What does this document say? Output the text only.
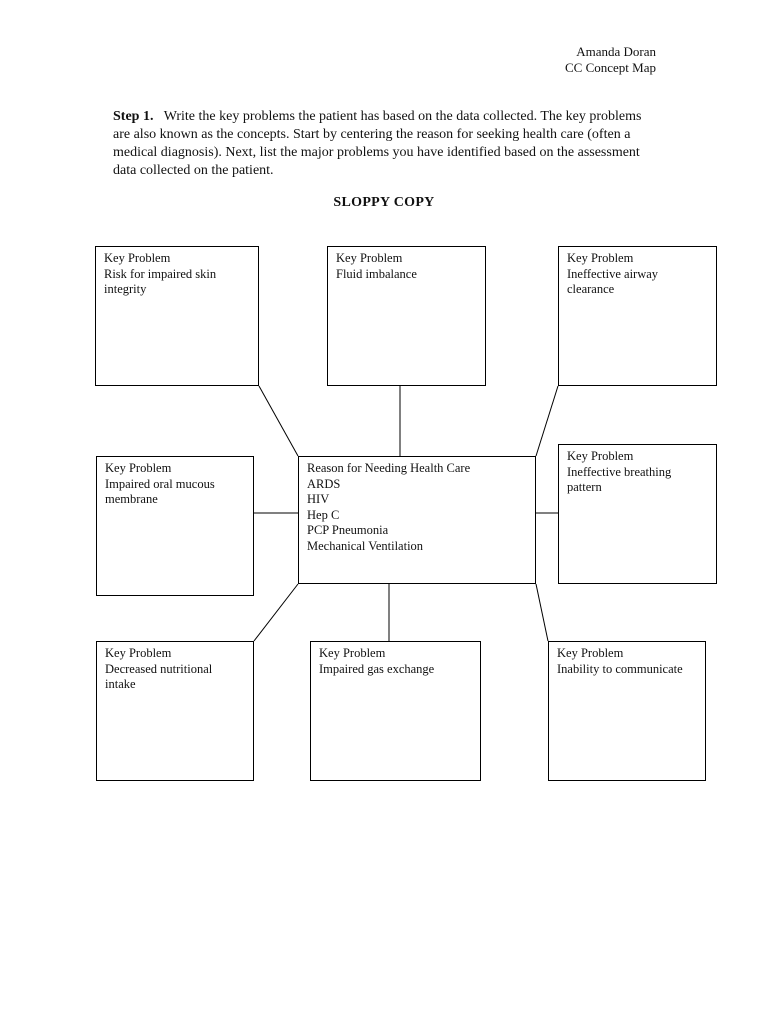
Amanda Doran
CC Concept Map
Step 1. Write the key problems the patient has based on the data collected. The key problems are also known as the concepts. Start by centering the reason for seeking health care (often a medical diagnosis). Next, list the major problems you have identified based on the assessment data collected on the patient.
SLOPPY COPY
Key Problem
Risk for impaired skin integrity
Key Problem
Fluid imbalance
Key Problem
Ineffective airway clearance
Key Problem
Impaired oral mucous membrane
Reason for Needing Health Care
ARDS
HIV
Hep C
PCP Pneumonia
Mechanical Ventilation
Key Problem
Ineffective breathing pattern
Key Problem
Decreased nutritional intake
Key Problem
Impaired gas exchange
Key Problem
Inability to communicate
